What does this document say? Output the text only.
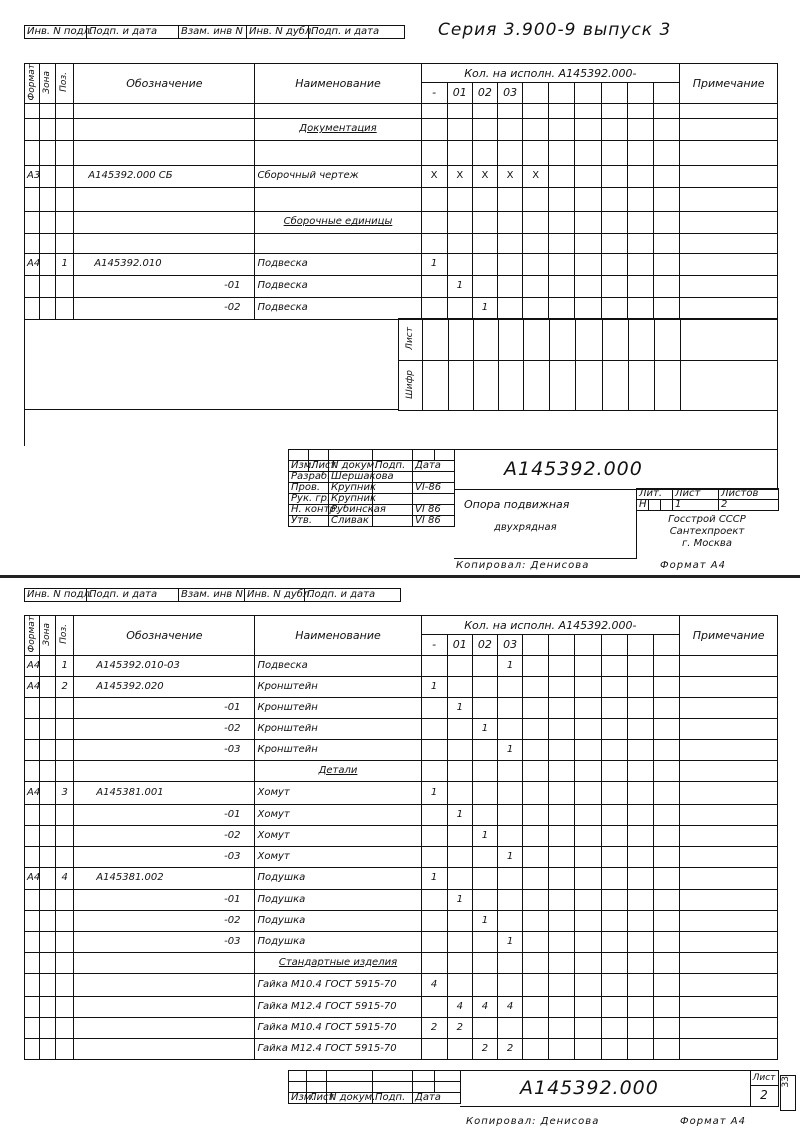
Инв. N подл.	Подп. и дата	Взам. инв N	Инв. N дубл.	Подп. и дата	Серия 3.900-9 выпуск 3
Формат	Зона	Поз.	Обозначение	Наименование	Кол. на исполн. А145392.000-										Примечание
					-	01	02	03							

				Документация											

А3			А145392.000 СБ	Сборочный чертеж	X	X	X	X	X						

				Сборочные единицы											

А4		1	А145392.010	Подвеска	1										
			-01	Подвеска		1									
			-02	Подвеска			1								
Лист											
Шифр											

Изм.	Лист	N докум.	Подп.	Дата	
Разраб.		Шершакова			
Пров.		Крупник		VI-86	
Рук. гр.		Крупник			
Н. контр.		Рубинская		VI 86	
Утв.		Сливак		VI 86	
А145392.000
Опора подвижная
двухрядная
Лит.			Лист	Листов
Н			1	2
Госстрой СССР
Сантехпроект
г. Москва
Копировал: Денисова	Формат А4
Инв. N подл.	Подп. и дата	Взам. инв N	Инв. N дубл.	Подп. и дата
Формат	Зона	Поз.	Обозначение	Наименование	Кол. на исполн. А145392.000-										Примечание
					-	01	02	03							
А4		1	А145392.010-03	Подвеска				1							
А4		2	А145392.020	Кронштейн	1										
			-01	Кронштейн		1									
			-02	Кронштейн			1								
			-03	Кронштейн				1							
				Детали											
А4		3	А145381.001	Хомут	1										
			-01	Хомут		1									
			-02	Хомут			1								
			-03	Хомут				1							
А4		4	А145381.002	Подушка	1										
			-01	Подушка		1									
			-02	Подушка			1								
			-03	Подушка				1							
				Стандартные изделия											
				Гайка М10.4 ГОСТ 5915-70	4										
				Гайка М12.4 ГОСТ 5915-70		4	4	4							
				Гайка М10.4 ГОСТ 5915-70	2	2									
				Гайка М12.4 ГОСТ 5915-70			2	2							

Изм.	Лист	N докум.	Подп.	Дата		А145392.000	Лист
2
33
Копировал: Денисова	Формат А4
